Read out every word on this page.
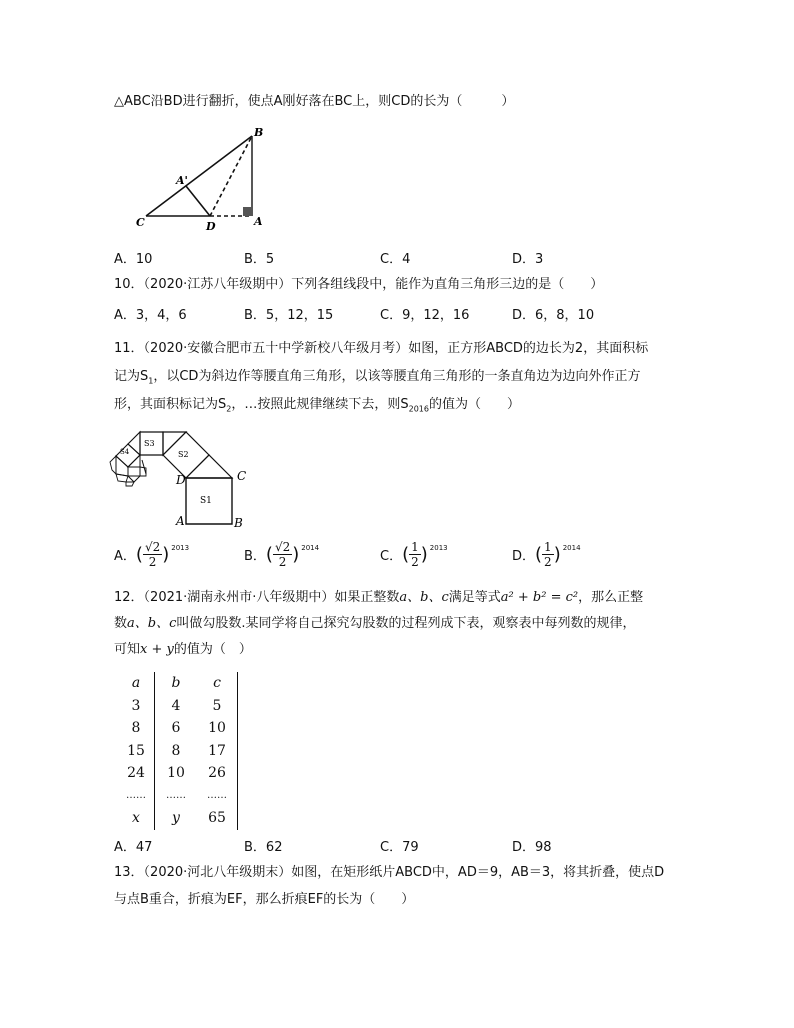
△ABC沿BD进行翻折，使点A刚好落在BC上，则CD的长为（　　　）
B
A'
C	D	A
A．10	B．5	C．4	D．3
10．（2020·江苏八年级期中）下列各组线段中，能作为直角三角形三边的是（　　）
A．3，4，6	B．5，12，15	C．9，12，16	D．6，8，10
11．（2020·安徽合肥市五十中学新校八年级月考）如图，正方形ABCD的边长为2，其面积标
记为$S_1$，以CD为斜边作等腰直角三角形，以该等腰直角三角形的一条直角边为边向外作正方
形，其面积标记为$S_2$，…按照此规律继续下去，则$S_{2016}$的值为（　　）
S1
S2
S3
S4
D	C
A	B
A．( $\frac{√2}{2}$ ) $^{2013}$
B．( $\frac{√2}{2}$ ) $^{2014}$
C．( $\frac{1}{2}$ ) $^{2013}$
D．( $\frac{1}{2}$ ) $^{2014}$
12．（2021·湖南永州市·八年级期中）如果正整数a、b、c满足等式a² + b² = c²，那么正整
数a、b、c叫做勾股数.某同学将自己探究勾股数的过程列成下表，观察表中每列数的规律，
可知x + y的值为（　）
a	b	c
3	4	5
8	6	10
15	8	17
24	10	26
……	……	……
x	y	65
A．47	B．62	C．79	D．98
13．（2020·河北八年级期末）如图，在矩形纸片ABCD中，AD＝9，AB＝3，将其折叠，使点D
与点B重合，折痕为EF，那么折痕EF的长为（　　）
